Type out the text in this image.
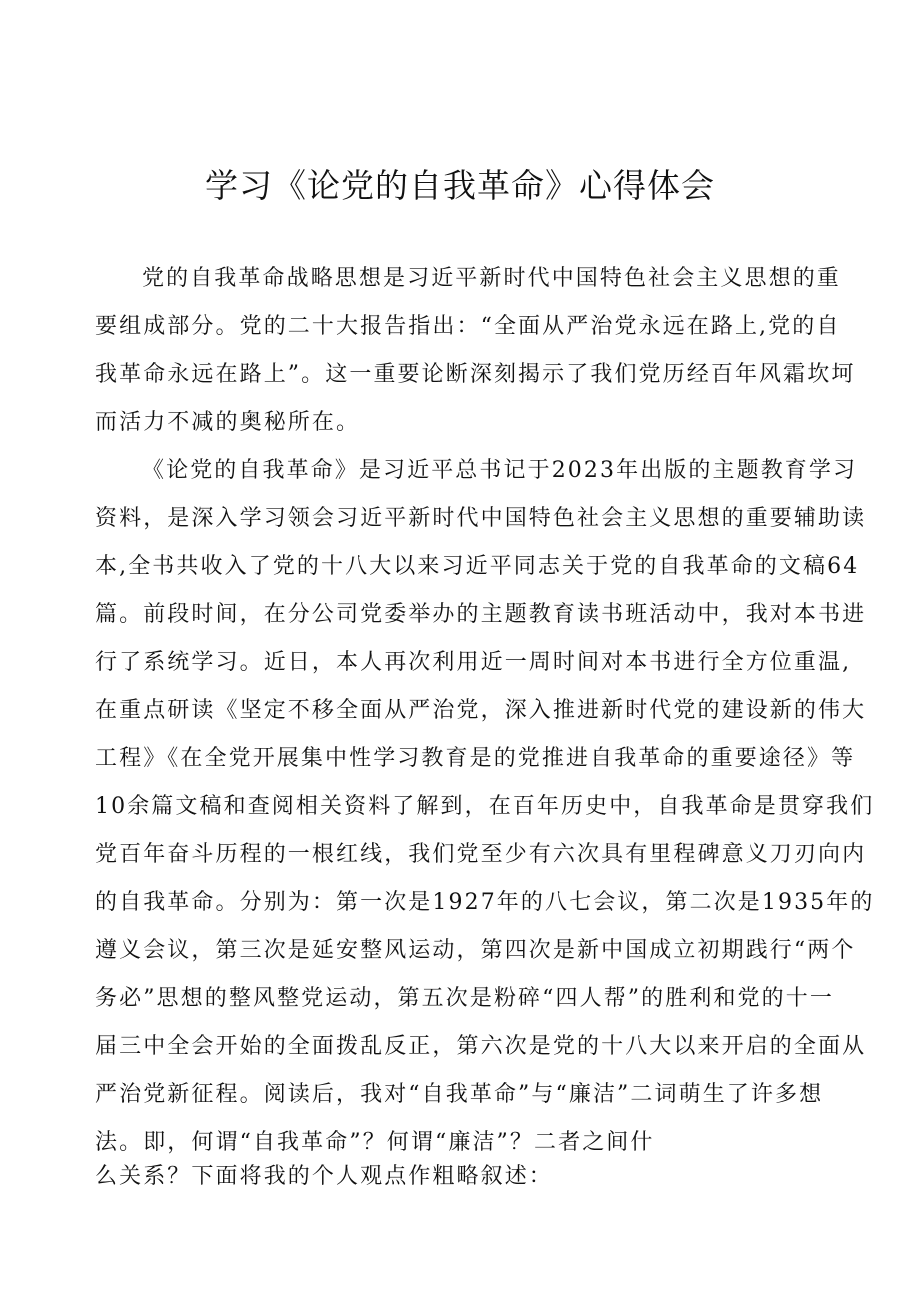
学习《论党的自我革命》心得体会
党的自我革命战略思想是习近平新时代中国特色社会主义思想的重
要组成部分。党的二十大报告指出：“全面从严治党永远在路上,党的自
我革命永远在路上”。这一重要论断深刻揭示了我们党历经百年风霜坎坷
而活力不减的奥秘所在。
《论党的自我革命》是习近平总书记于2023年出版的主题教育学习
资料，是深入学习领会习近平新时代中国特色社会主义思想的重要辅助读
本,全书共收入了党的十八大以来习近平同志关于党的自我革命的文稿64
篇。前段时间，在分公司党委举办的主题教育读书班活动中，我对本书进
行了系统学习。近日，本人再次利用近一周时间对本书进行全方位重温,
在重点研读《坚定不移全面从严治党，深入推进新时代党的建设新的伟大
工程》《在全党开展集中性学习教育是的党推进自我革命的重要途径》等
10余篇文稿和查阅相关资料了解到，在百年历史中，自我革命是贯穿我们
党百年奋斗历程的一根红线，我们党至少有六次具有里程碑意义刀刃向内
的自我革命。分别为：第一次是1927年的八七会议，第二次是1935年的
遵义会议，第三次是延安整风运动，第四次是新中国成立初期践行“两个
务必”思想的整风整党运动，第五次是粉碎“四人帮”的胜利和党的十一
届三中全会开始的全面拨乱反正，第六次是党的十八大以来开启的全面从
严治党新征程。阅读后，我对“自我革命”与“廉洁”二词萌生了许多想
法。即，何谓“自我革命”？何谓“廉洁”？二者之间什
么关系？下面将我的个人观点作粗略叙述：
